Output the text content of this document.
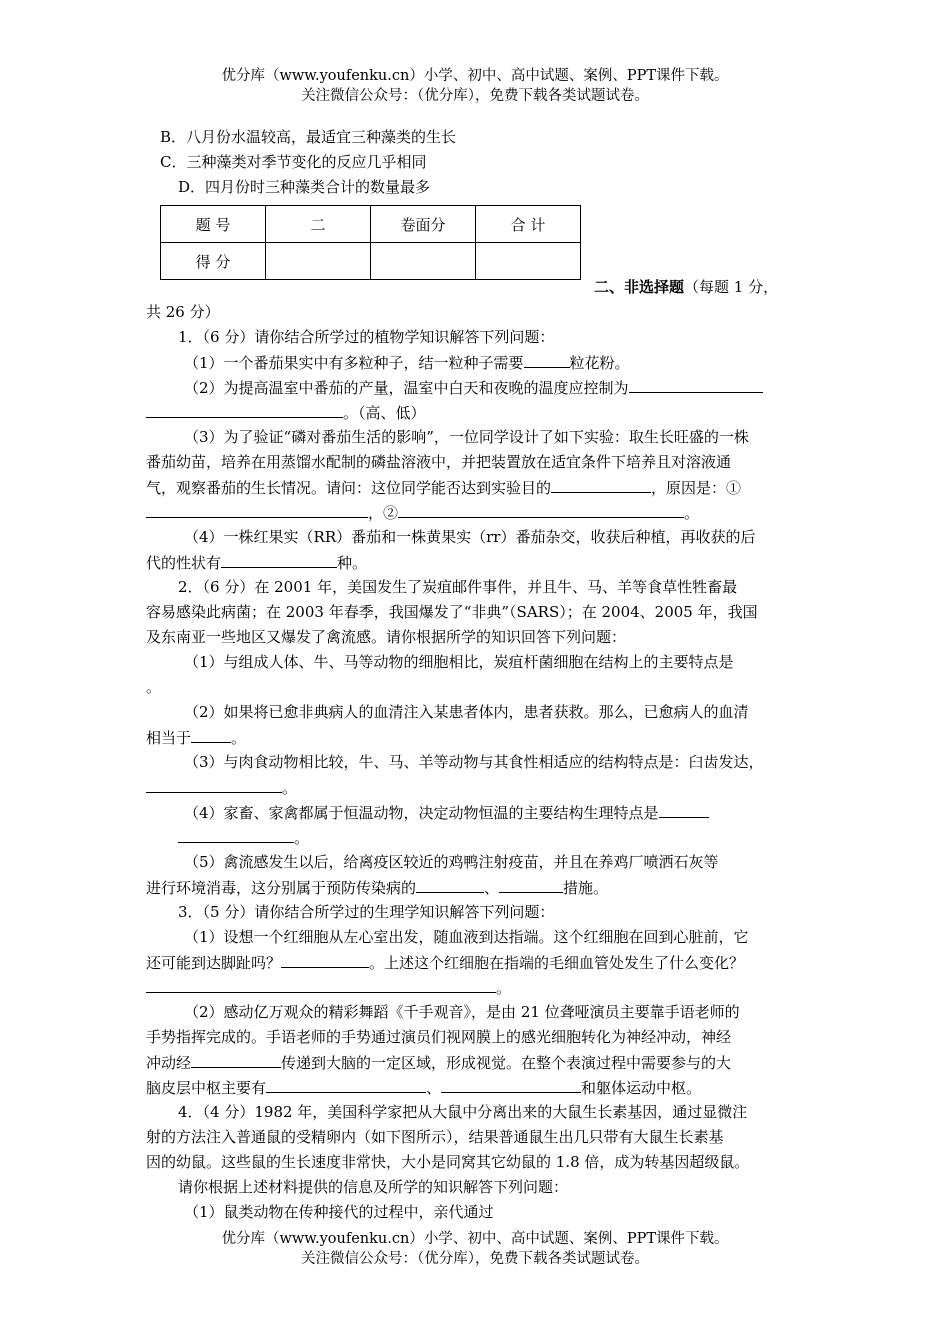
优分库（www.youfenku.cn）小学、初中、高中试题、案例、PPT课件下载。
关注微信公众号：（优分库），免费下载各类试题试卷。
B．八月份水温较高，最适宜三种藻类的生长
C．三种藻类对季节变化的反应几乎相同
D．四月份时三种藻类合计的数量最多
题 号	二	卷面分	合 计
得 分			
二、非选择题（每题 1 分，
共 26 分）
1．（6 分）请你结合所学过的植物学知识解答下列问题：
（1）一个番茄果实中有多粒种子，结一粒种子需要	粒花粉。
（2）为提高温室中番茄的产量，温室中白天和夜晚的温度应控制为
。（高、低）
（3）为了验证“磷对番茄生活的影响”，一位同学设计了如下实验：取生长旺盛的一株
番茄幼苗，培养在用蒸馏水配制的磷盐溶液中，并把装置放在适宜条件下培养且对溶液通
气，观察番茄的生长情况。请问：这位同学能否达到实验目的	，原因是：①
，②	。
（4）一株红果实（RR）番茄和一株黄果实（rr）番茄杂交，收获后种植，再收获的后
代的性状有	种。
2．（6 分）在 2001 年，美国发生了炭疽邮件事件，并且牛、马、羊等食草性牲畜最
容易感染此病菌；在 2003 年春季，我国爆发了“非典”（SARS）；在 2004、2005 年，我国
及东南亚一些地区又爆发了禽流感。请你根据所学的知识回答下列问题：
（1）与组成人体、牛、马等动物的细胞相比，炭疽杆菌细胞在结构上的主要特点是
。
（2）如果将已愈非典病人的血清注入某患者体内，患者获救。那么，已愈病人的血清
相当于	。
（3）与肉食动物相比较，牛、马、羊等动物与其食性相适应的结构特点是：臼齿发达，
。
（4）家畜、家禽都属于恒温动物，决定动物恒温的主要结构生理特点是
。
（5）禽流感发生以后，给离疫区较近的鸡鸭注射疫苗，并且在养鸡厂喷洒石灰等
进行环境消毒，这分别属于预防传染病的	、	措施。
3．（5 分）请你结合所学过的生理学知识解答下列问题：
（1）设想一个红细胞从左心室出发，随血液到达指端。这个红细胞在回到心脏前，它
还可能到达脚趾吗？	。上述这个红细胞在指端的毛细血管处发生了什么变化？
。
（2）感动亿万观众的精彩舞蹈《千手观音》，是由 21 位聋哑演员主要靠手语老师的
手势指挥完成的。手语老师的手势通过演员们视网膜上的感光细胞转化为神经冲动，神经
冲动经	传递到大脑的一定区域，形成视觉。在整个表演过程中需要参与的大
脑皮层中枢主要有	、	和躯体运动中枢。
4．（4 分）1982 年，美国科学家把从大鼠中分离出来的大鼠生长素基因，通过显微注
射的方法注入普通鼠的受精卵内（如下图所示），结果普通鼠生出几只带有大鼠生长素基
因的幼鼠。这些鼠的生长速度非常快，大小是同窝其它幼鼠的 1.8 倍，成为转基因超级鼠。
请你根据上述材料提供的信息及所学的知识解答下列问题：
（1）鼠类动物在传种接代的过程中，亲代通过
优分库（www.youfenku.cn）小学、初中、高中试题、案例、PPT课件下载。
关注微信公众号：（优分库），免费下载各类试题试卷。
